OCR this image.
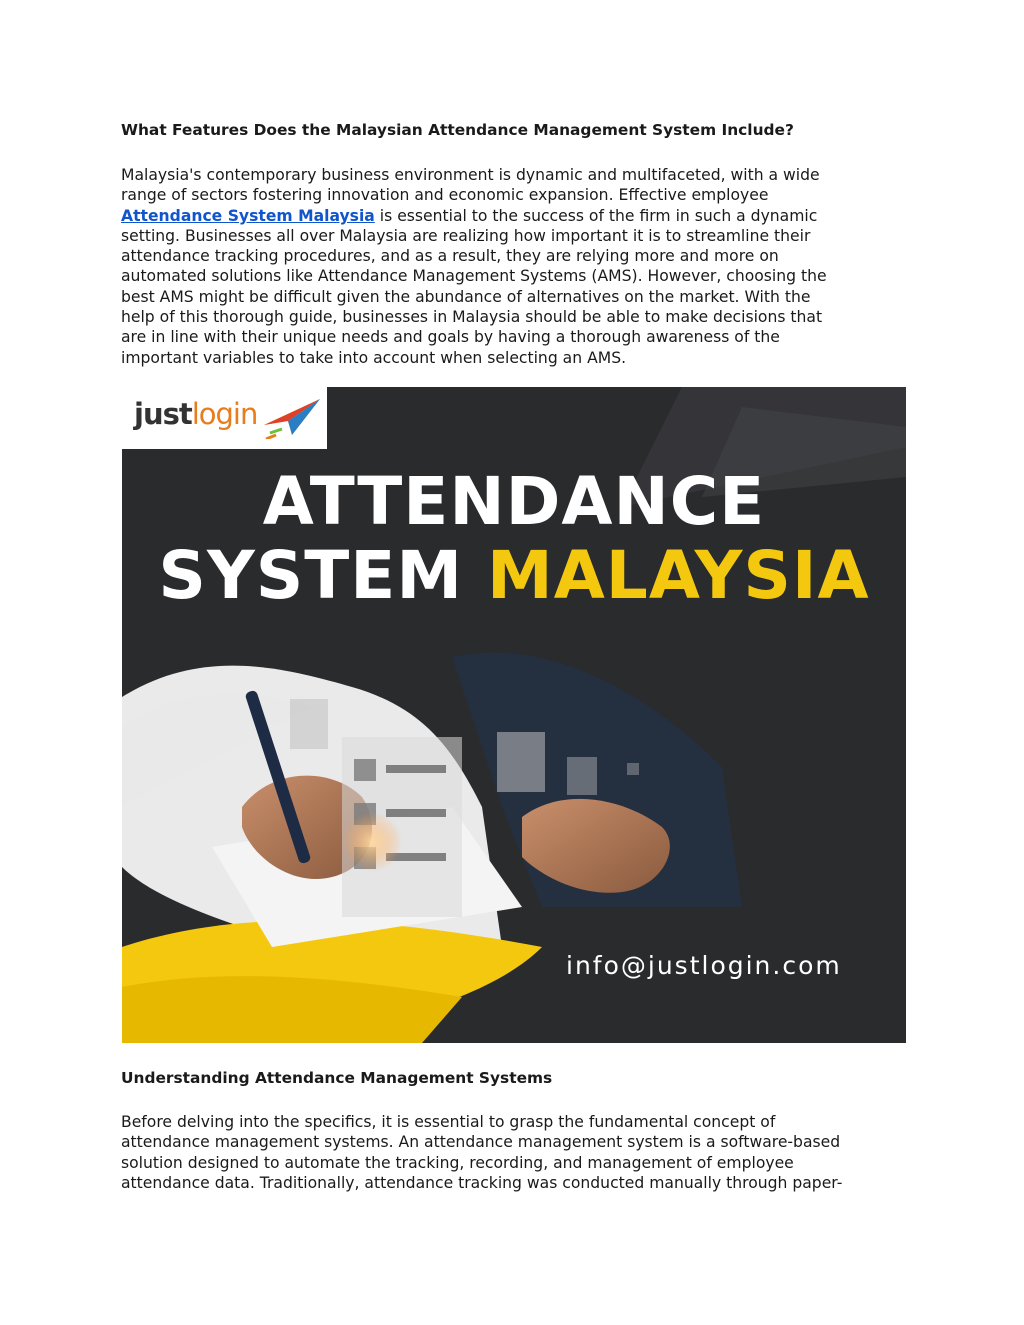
What Features Does the Malaysian Attendance Management System Include?
Malaysia's contemporary business environment is dynamic and multifaceted, with a wide
range of sectors fostering innovation and economic expansion. Effective employee
Attendance System Malaysia is essential to the success of the firm in such a dynamic
setting. Businesses all over Malaysia are realizing how important it is to streamline their
attendance tracking procedures, and as a result, they are relying more and more on
automated solutions like Attendance Management Systems (AMS). However, choosing the
best AMS might be difficult given the abundance of alternatives on the market. With the
help of this thorough guide, businesses in Malaysia should be able to make decisions that
are in line with their unique needs and goals by having a thorough awareness of the
important variables to take into account when selecting an AMS.
justlogin
ATTENDANCE
SYSTEM MALAYSIA
info@justlogin.com
Understanding Attendance Management Systems
Before delving into the specifics, it is essential to grasp the fundamental concept of
attendance management systems. An attendance management system is a software-based
solution designed to automate the tracking, recording, and management of employee
attendance data. Traditionally, attendance tracking was conducted manually through paper-
